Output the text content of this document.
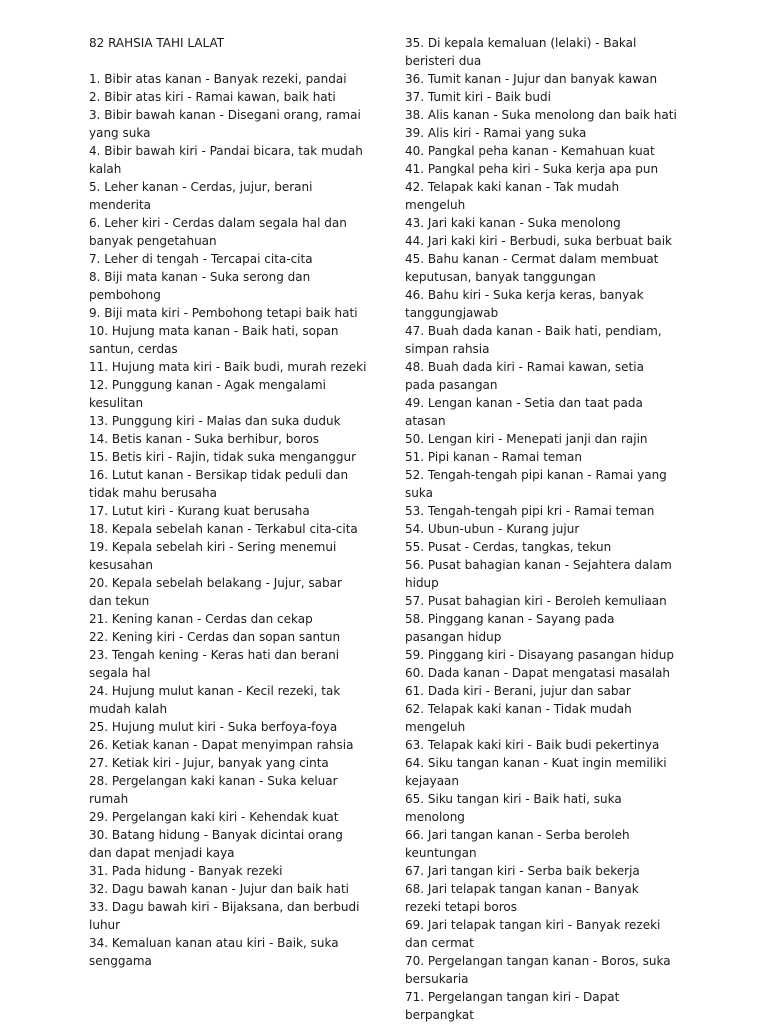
82 RAHSIA TAHI LALAT

1. Bibir atas kanan - Banyak rezeki, pandai

2. Bibir atas kiri - Ramai kawan, baik hati

3. Bibir bawah kanan - Disegani orang, ramai yang suka

4. Bibir bawah kiri - Pandai bicara, tak mudah kalah

5. Leher kanan - Cerdas, jujur, berani menderita

6. Leher kiri - Cerdas dalam segala hal dan banyak pengetahuan

7. Leher di tengah - Tercapai cita-cita

8. Biji mata kanan - Suka serong dan pembohong

9. Biji mata kiri - Pembohong tetapi baik hati

10. Hujung mata kanan - Baik hati, sopan santun, cerdas

11. Hujung mata kiri - Baik budi, murah rezeki

12. Punggung kanan - Agak mengalami kesulitan

13. Punggung kiri - Malas dan suka duduk

14. Betis kanan - Suka berhibur, boros

15. Betis kiri - Rajin, tidak suka menganggur

16. Lutut kanan - Bersikap tidak peduli dan tidak mahu berusaha

17. Lutut kiri - Kurang kuat berusaha

18. Kepala sebelah kanan - Terkabul cita-cita

19. Kepala sebelah kiri - Sering menemui kesusahan

20. Kepala sebelah belakang - Jujur, sabar dan tekun

21. Kening kanan - Cerdas dan cekap

22. Kening kiri - Cerdas dan sopan santun

23. Tengah kening - Keras hati dan berani segala hal

24. Hujung mulut kanan - Kecil rezeki, tak mudah kalah

25. Hujung mulut kiri - Suka berfoya-foya

26. Ketiak kanan - Dapat menyimpan rahsia

27. Ketiak kiri - Jujur, banyak yang cinta

28. Pergelangan kaki kanan - Suka keluar rumah

29. Pergelangan kaki kiri - Kehendak kuat

30. Batang hidung - Banyak dicintai orang dan dapat menjadi kaya

31. Pada hidung - Banyak rezeki

32. Dagu bawah kanan - Jujur dan baik hati

33. Dagu bawah kiri - Bijaksana, dan berbudi luhur

34. Kemaluan kanan atau kiri - Baik, suka senggama

35. Di kepala kemaluan (lelaki) - Bakal beristeri dua

36. Tumit kanan - Jujur dan banyak kawan

37. Tumit kiri - Baik budi

38. Alis kanan - Suka menolong dan baik hati

39. Alis kiri - Ramai yang suka

40. Pangkal peha kanan - Kemahuan kuat

41. Pangkal peha kiri - Suka kerja apa pun

42. Telapak kaki kanan - Tak mudah mengeluh

43. Jari kaki kanan - Suka menolong

44. Jari kaki kiri - Berbudi, suka berbuat baik

45. Bahu kanan - Cermat dalam membuat keputusan, banyak tanggungan

46. Bahu kiri - Suka kerja keras, banyak tanggungjawab

47. Buah dada kanan - Baik hati, pendiam, simpan rahsia

48. Buah dada kiri - Ramai kawan, setia pada pasangan

49. Lengan kanan - Setia dan taat pada atasan

50. Lengan kiri - Menepati janji dan rajin

51. Pipi kanan - Ramai teman

52. Tengah-tengah pipi kanan - Ramai yang suka

53. Tengah-tengah pipi kri - Ramai teman

54. Ubun-ubun - Kurang jujur

55. Pusat - Cerdas, tangkas, tekun

56. Pusat bahagian kanan - Sejahtera dalam hidup

57. Pusat bahagian kiri - Beroleh kemuliaan

58. Pinggang kanan - Sayang pada pasangan hidup

59. Pinggang kiri - Disayang pasangan hidup

60. Dada kanan - Dapat mengatasi masalah

61. Dada kiri - Berani, jujur dan sabar

62. Telapak kaki kanan - Tidak mudah mengeluh

63. Telapak kaki kiri - Baik budi pekertinya

64. Siku tangan kanan - Kuat ingin memiliki kejayaan

65. Siku tangan kiri - Baik hati, suka menolong

66. Jari tangan kanan - Serba beroleh keuntungan

67. Jari tangan kiri - Serba baik bekerja

68. Jari telapak tangan kanan - Banyak rezeki tetapi boros

69. Jari telapak tangan kiri - Banyak rezeki dan cermat

70. Pergelangan tangan kanan - Boros, suka bersukaria

71. Pergelangan tangan kiri - Dapat berpangkat
